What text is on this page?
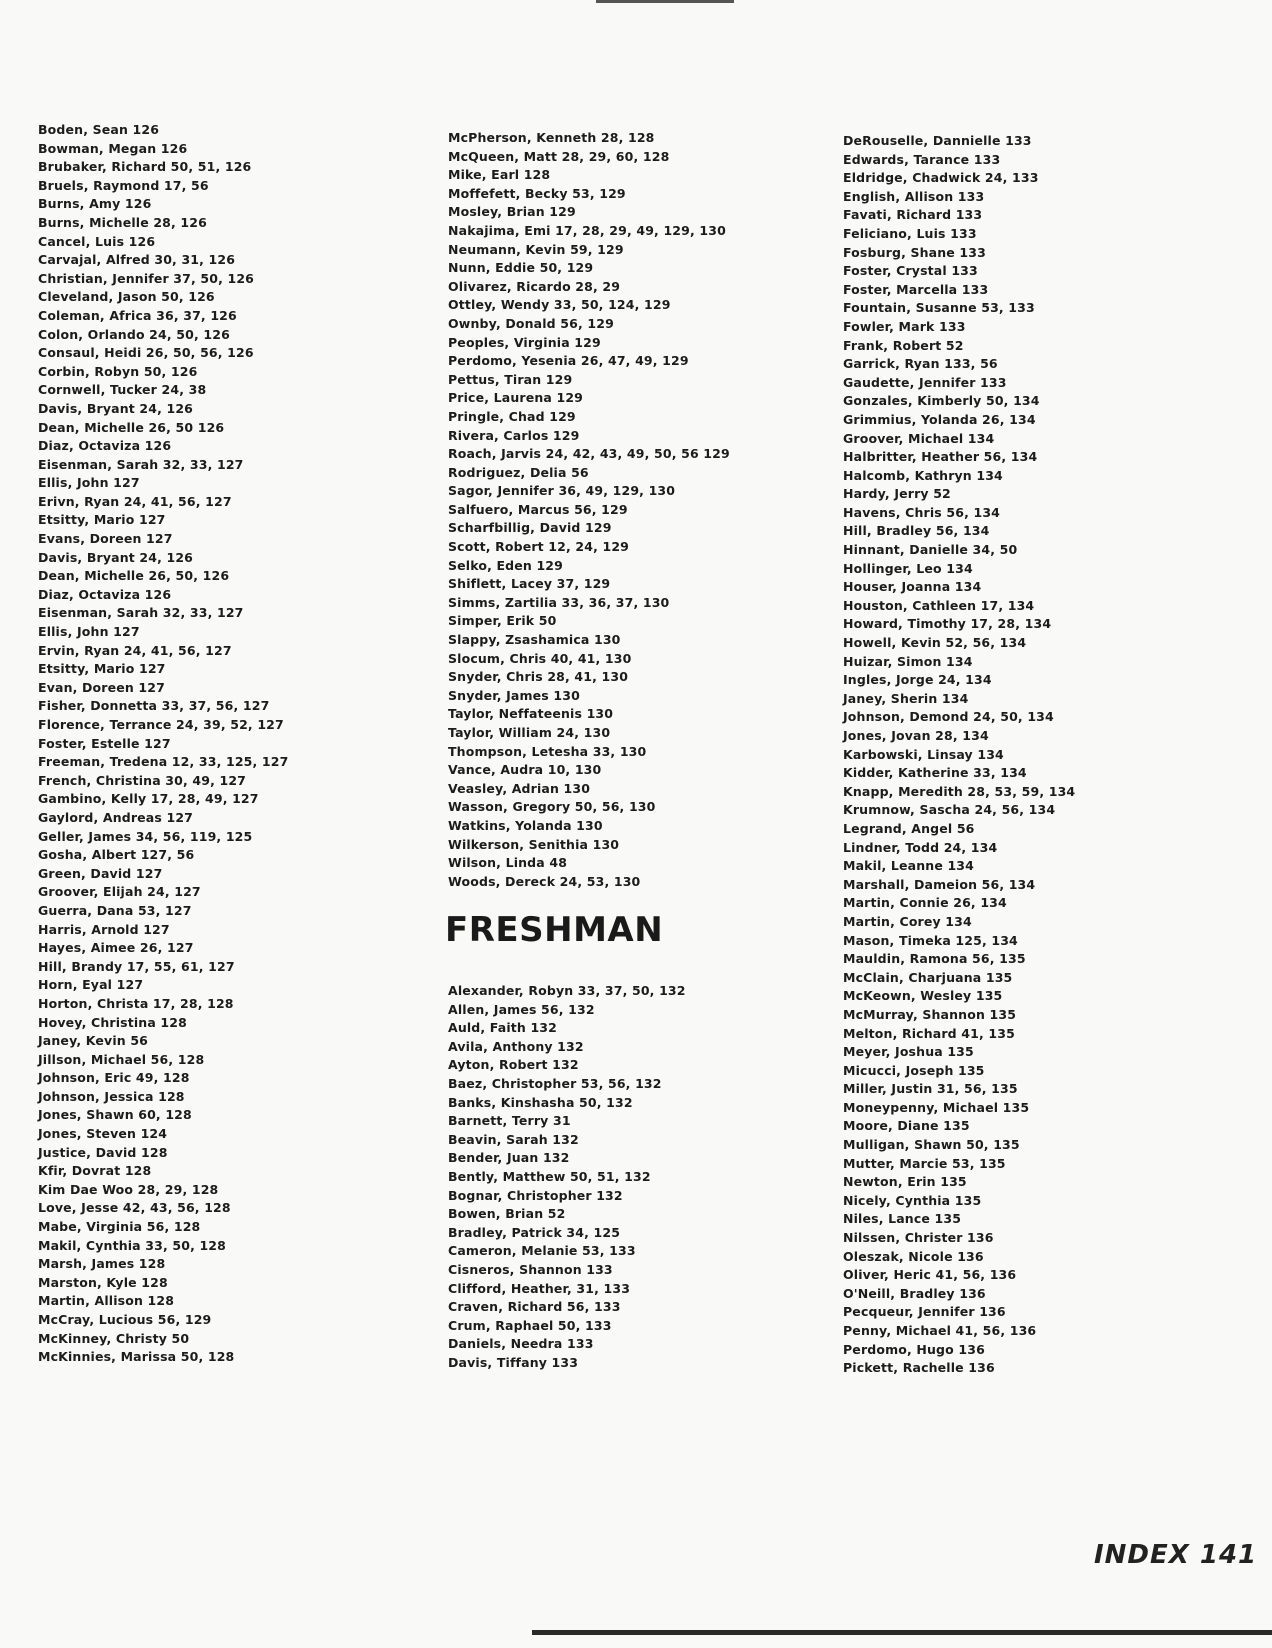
Boden, Sean 126
Bowman, Megan 126
Brubaker, Richard 50, 51, 126
Bruels, Raymond 17, 56
Burns, Amy 126
Burns, Michelle 28, 126
Cancel, Luis 126
Carvajal, Alfred 30, 31, 126
Christian, Jennifer 37, 50, 126
Cleveland, Jason 50, 126
Coleman, Africa 36, 37, 126
Colon, Orlando 24, 50, 126
Consaul, Heidi 26, 50, 56, 126
Corbin, Robyn 50, 126
Cornwell, Tucker 24, 38
Davis, Bryant 24, 126
Dean, Michelle 26, 50 126
Diaz, Octaviza 126
Eisenman, Sarah 32, 33, 127
Ellis, John 127
Erivn, Ryan 24, 41, 56, 127
Etsitty, Mario 127
Evans, Doreen 127
Davis, Bryant 24, 126
Dean, Michelle 26, 50, 126
Diaz, Octaviza 126
Eisenman, Sarah 32, 33, 127
Ellis, John 127
Ervin, Ryan 24, 41, 56, 127
Etsitty, Mario 127
Evan, Doreen 127
Fisher, Donnetta 33, 37, 56, 127
Florence, Terrance 24, 39, 52, 127
Foster, Estelle 127
Freeman, Tredena 12, 33, 125, 127
French, Christina 30, 49, 127
Gambino, Kelly 17, 28, 49, 127
Gaylord, Andreas 127
Geller, James 34, 56, 119, 125
Gosha, Albert 127, 56
Green, David 127
Groover, Elijah 24, 127
Guerra, Dana 53, 127
Harris, Arnold 127
Hayes, Aimee 26, 127
Hill, Brandy 17, 55, 61, 127
Horn, Eyal 127
Horton, Christa 17, 28, 128
Hovey, Christina 128
Janey, Kevin 56
Jillson, Michael 56, 128
Johnson, Eric 49, 128
Johnson, Jessica 128
Jones, Shawn 60, 128
Jones, Steven 124
Justice, David 128
Kfir, Dovrat 128
Kim Dae Woo 28, 29, 128
Love, Jesse 42, 43, 56, 128
Mabe, Virginia 56, 128
Makil, Cynthia 33, 50, 128
Marsh, James 128
Marston, Kyle 128
Martin, Allison 128
McCray, Lucious 56, 129
McKinney, Christy 50
McKinnies, Marissa 50, 128
McPherson, Kenneth 28, 128
McQueen, Matt 28, 29, 60, 128
Mike, Earl 128
Moffefett, Becky 53, 129
Mosley, Brian 129
Nakajima, Emi 17, 28, 29, 49, 129, 130
Neumann, Kevin 59, 129
Nunn, Eddie 50, 129
Olivarez, Ricardo 28, 29
Ottley, Wendy 33, 50, 124, 129
Ownby, Donald 56, 129
Peoples, Virginia 129
Perdomo, Yesenia 26, 47, 49, 129
Pettus, Tiran 129
Price, Laurena 129
Pringle, Chad 129
Rivera, Carlos 129
Roach, Jarvis 24, 42, 43, 49, 50, 56 129
Rodriguez, Delia 56
Sagor, Jennifer 36, 49, 129, 130
Salfuero, Marcus 56, 129
Scharfbillig, David 129
Scott, Robert 12, 24, 129
Selko, Eden 129
Shiflett, Lacey 37, 129
Simms, Zartilia 33, 36, 37, 130
Simper, Erik 50
Slappy, Zsashamica 130
Slocum, Chris 40, 41, 130
Snyder, Chris 28, 41, 130
Snyder, James 130
Taylor, Neffateenis 130
Taylor, William 24, 130
Thompson, Letesha 33, 130
Vance, Audra 10, 130
Veasley, Adrian 130
Wasson, Gregory 50, 56, 130
Watkins, Yolanda 130
Wilkerson, Senithia 130
Wilson, Linda 48
Woods, Dereck 24, 53, 130
FRESHMAN
Alexander, Robyn 33, 37, 50, 132
Allen, James 56, 132
Auld, Faith 132
Avila, Anthony 132
Ayton, Robert 132
Baez, Christopher 53, 56, 132
Banks, Kinshasha 50, 132
Barnett, Terry 31
Beavin, Sarah 132
Bender, Juan 132
Bently, Matthew 50, 51, 132
Bognar, Christopher 132
Bowen, Brian 52
Bradley, Patrick 34, 125
Cameron, Melanie 53, 133
Cisneros, Shannon 133
Clifford, Heather, 31, 133
Craven, Richard 56, 133
Crum, Raphael 50, 133
Daniels, Needra 133
Davis, Tiffany 133
DeRouselle, Dannielle 133
Edwards, Tarance 133
Eldridge, Chadwick 24, 133
English, Allison 133
Favati, Richard 133
Feliciano, Luis 133
Fosburg, Shane 133
Foster, Crystal 133
Foster, Marcella 133
Fountain, Susanne 53, 133
Fowler, Mark 133
Frank, Robert 52
Garrick, Ryan 133, 56
Gaudette, Jennifer 133
Gonzales, Kimberly 50, 134
Grimmius, Yolanda 26, 134
Groover, Michael 134
Halbritter, Heather 56, 134
Halcomb, Kathryn 134
Hardy, Jerry 52
Havens, Chris 56, 134
Hill, Bradley 56, 134
Hinnant, Danielle 34, 50
Hollinger, Leo 134
Houser, Joanna 134
Houston, Cathleen 17, 134
Howard, Timothy 17, 28, 134
Howell, Kevin 52, 56, 134
Huizar, Simon 134
Ingles, Jorge 24, 134
Janey, Sherin 134
Johnson, Demond 24, 50, 134
Jones, Jovan 28, 134
Karbowski, Linsay 134
Kidder, Katherine 33, 134
Knapp, Meredith 28, 53, 59, 134
Krumnow, Sascha 24, 56, 134
Legrand, Angel 56
Lindner, Todd 24, 134
Makil, Leanne 134
Marshall, Dameion 56, 134
Martin, Connie 26, 134
Martin, Corey 134
Mason, Timeka 125, 134
Mauldin, Ramona 56, 135
McClain, Charjuana 135
McKeown, Wesley 135
McMurray, Shannon 135
Melton, Richard 41, 135
Meyer, Joshua 135
Micucci, Joseph 135
Miller, Justin 31, 56, 135
Moneypenny, Michael 135
Moore, Diane 135
Mulligan, Shawn 50, 135
Mutter, Marcie 53, 135
Newton, Erin 135
Nicely, Cynthia 135
Niles, Lance 135
Nilssen, Christer 136
Oleszak, Nicole 136
Oliver, Heric 41, 56, 136
O'Neill, Bradley 136
Pecqueur, Jennifer 136
Penny, Michael 41, 56, 136
Perdomo, Hugo 136
Pickett, Rachelle 136
INDEX 141
